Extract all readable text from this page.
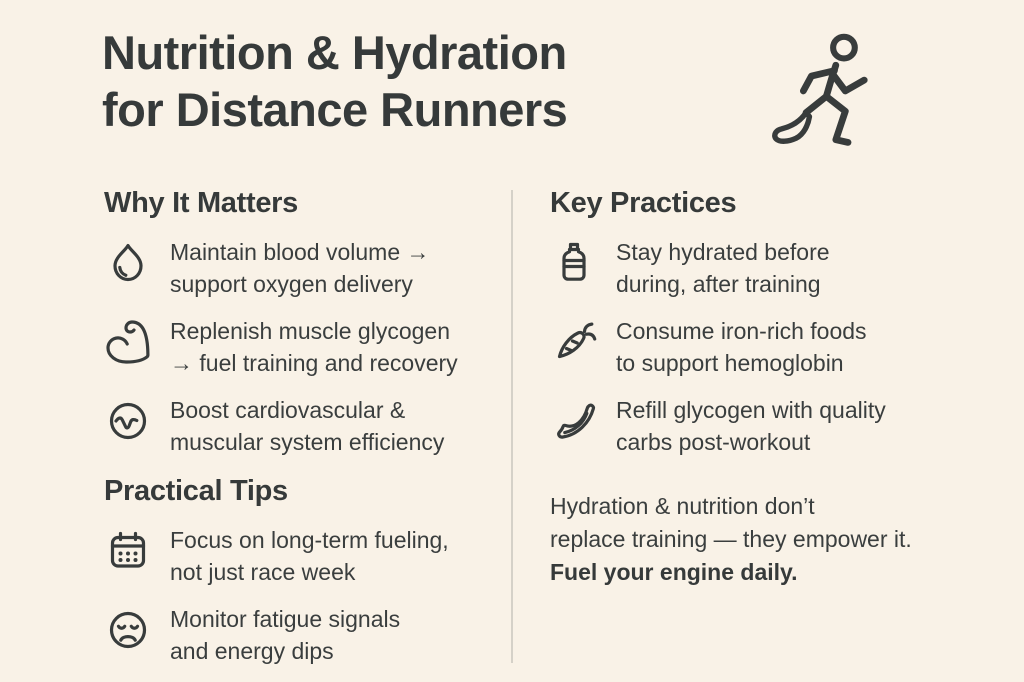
Nutrition & Hydration
for Distance Runners
Why It Matters
Maintain blood volume →
support oxygen delivery
Replenish muscle glycogen
→ fuel training and recovery
Boost cardiovascular &
muscular system efficiency
Practical Tips
Focus on long-term fueling,
not just race week
Monitor fatigue signals
and energy dips
Key Practices
Stay hydrated before
during, after training
Consume iron-rich foods
to support hemoglobin
Refill glycogen with quality
carbs post-workout

Hydration & nutrition don’t
replace training — they empower it.
Fuel your engine daily.
